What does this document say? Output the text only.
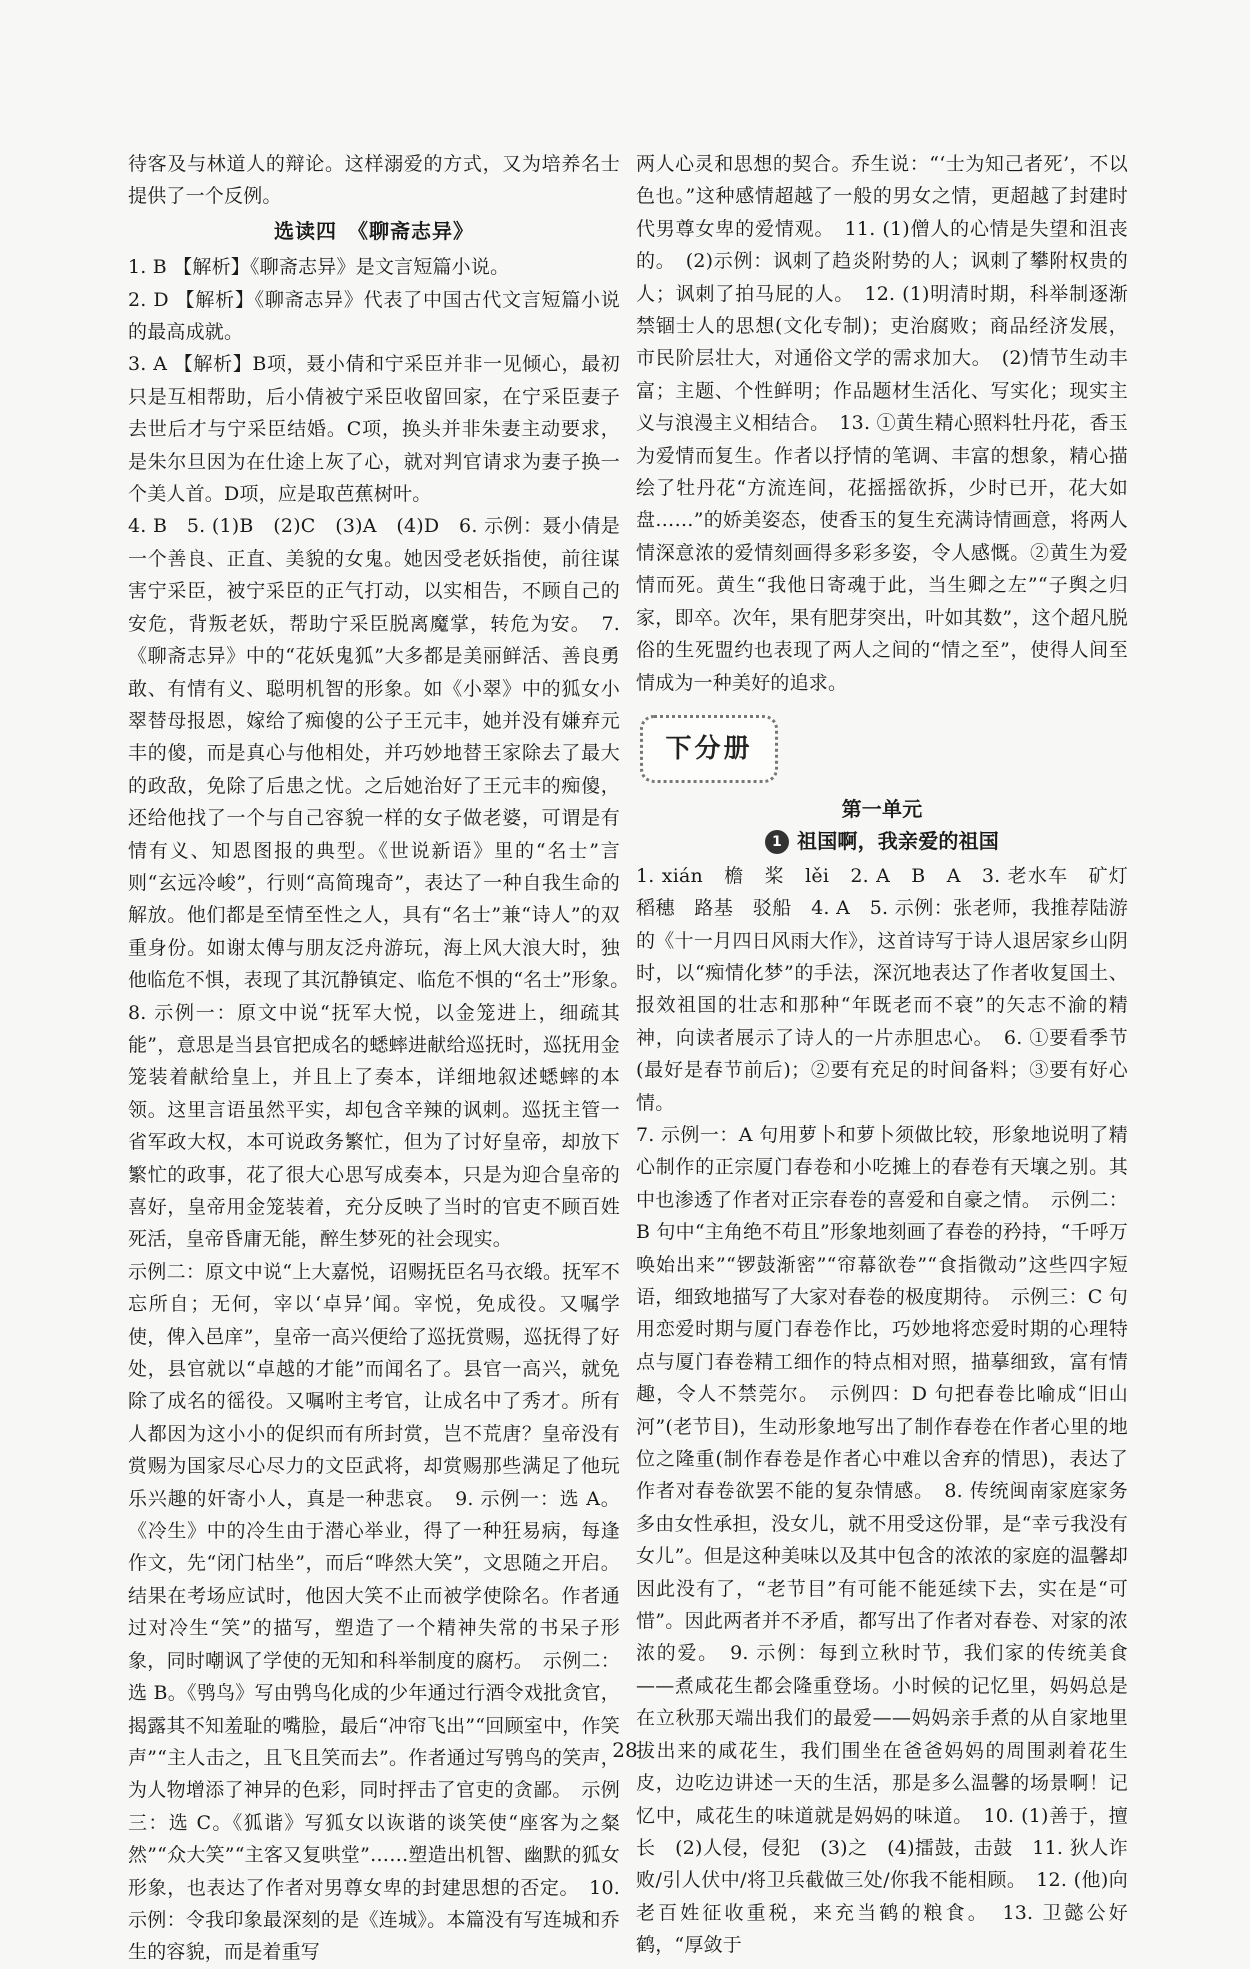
待客及与林道人的辩论。这样溺爱的方式，又为培养名士提供了一个反例。

选读四　《聊斋志异》

1. B 【解析】《聊斋志异》是文言短篇小说。

2. D 【解析】《聊斋志异》代表了中国古代文言短篇小说的最高成就。

3. A 【解析】B项，聂小倩和宁采臣并非一见倾心，最初只是互相帮助，后小倩被宁采臣收留回家，在宁采臣妻子去世后才与宁采臣结婚。C项，换头并非朱妻主动要求，是朱尔旦因为在仕途上灰了心，就对判官请求为妻子换一个美人首。D项，应是取芭蕉树叶。

4. B　5. (1)B　(2)C　(3)A　(4)D　6. 示例：聂小倩是一个善良、正直、美貌的女鬼。她因受老妖指使，前往谋害宁采臣，被宁采臣的正气打动，以实相告，不顾自己的安危，背叛老妖，帮助宁采臣脱离魔掌，转危为安。　7.《聊斋志异》中的“花妖鬼狐”大多都是美丽鲜活、善良勇敢、有情有义、聪明机智的形象。如《小翠》中的狐女小翠替母报恩，嫁给了痴傻的公子王元丰，她并没有嫌弃元丰的傻，而是真心与他相处，并巧妙地替王家除去了最大的政敌，免除了后患之忧。之后她治好了王元丰的痴傻，还给他找了一个与自己容貌一样的女子做老婆，可谓是有情有义、知恩图报的典型。《世说新语》里的“名士”言则“玄远冷峻”，行则“高简瑰奇”，表达了一种自我生命的解放。他们都是至情至性之人，具有“名士”兼“诗人”的双重身份。如谢太傅与朋友泛舟游玩，海上风大浪大时，独他临危不惧，表现了其沉静镇定、临危不惧的“名士”形象。　8. 示例一：原文中说“抚军大悦，以金笼进上，细疏其能”，意思是当县官把成名的蟋蟀进献给巡抚时，巡抚用金笼装着献给皇上，并且上了奏本，详细地叙述蟋蟀的本领。这里言语虽然平实，却包含辛辣的讽刺。巡抚主管一省军政大权，本可说政务繁忙，但为了讨好皇帝，却放下繁忙的政事，花了很大心思写成奏本，只是为迎合皇帝的喜好，皇帝用金笼装着，充分反映了当时的官吏不顾百姓死活，皇帝昏庸无能，醉生梦死的社会现实。

示例二：原文中说“上大嘉悦，诏赐抚臣名马衣缎。抚军不忘所自；无何，宰以‘卓异’闻。宰悦，免成役。又嘱学使，俾入邑庠”，皇帝一高兴便给了巡抚赏赐，巡抚得了好处，县官就以“卓越的才能”而闻名了。县官一高兴，就免除了成名的徭役。又嘱咐主考官，让成名中了秀才。所有人都因为这小小的促织而有所封赏，岂不荒唐？皇帝没有赏赐为国家尽心尽力的文臣武将，却赏赐那些满足了他玩乐兴趣的奸寄小人，真是一种悲哀。　9. 示例一：选 A。《冷生》中的冷生由于潜心举业，得了一种狂易病，每逢作文，先“闭门枯坐”，而后“哗然大笑”，文思随之开启。结果在考场应试时，他因大笑不止而被学使除名。作者通过对冷生“笑”的描写，塑造了一个精神失常的书呆子形象，同时嘲讽了学使的无知和科举制度的腐朽。　示例二：选 B。《鸮鸟》写由鸮鸟化成的少年通过行酒令戏批贪官，揭露其不知羞耻的嘴脸，最后“冲帘飞出”“回顾室中，作笑声”“主人击之，且飞且笑而去”。作者通过写鸮鸟的笑声，为人物增添了神异的色彩，同时抨击了官吏的贪鄙。　示例三：选 C。《狐谐》写狐女以诙谐的谈笑使“座客为之粲然”“众大笑”“主客又复哄堂”……塑造出机智、幽默的狐女形象，也表达了作者对男尊女卑的封建思想的否定。　10. 示例：令我印象最深刻的是《连城》。本篇没有写连城和乔生的容貌，而是着重写

两人心灵和思想的契合。乔生说：“‘士为知己者死’，不以色也。”这种感情超越了一般的男女之情，更超越了封建时代男尊女卑的爱情观。　11. (1)僧人的心情是失望和沮丧的。　(2)示例：讽刺了趋炎附势的人；讽刺了攀附权贵的人；讽刺了拍马屁的人。　12. (1)明清时期，科举制逐渐禁锢士人的思想(文化专制)；吏治腐败；商品经济发展，市民阶层壮大，对通俗文学的需求加大。　(2)情节生动丰富；主题、个性鲜明；作品题材生活化、写实化；现实主义与浪漫主义相结合。　13. ①黄生精心照料牡丹花，香玉为爱情而复生。作者以抒情的笔调、丰富的想象，精心描绘了牡丹花“方流连间，花摇摇欲拆，少时已开，花大如盘……”的娇美姿态，使香玉的复生充满诗情画意，将两人情深意浓的爱情刻画得多彩多姿，令人感慨。②黄生为爱情而死。黄生“我他日寄魂于此，当生卿之左”“子舆之归家，即卒。次年，果有肥芽突出，叶如其数”，这个超凡脱俗的生死盟约也表现了两人之间的“情之至”，使得人间至情成为一种美好的追求。

下分册
第一单元
1 祖国啊，我亲爱的祖国

1. xián　檐　桨　lěi　2. A　B　A　3. 老水车　矿灯　稻穗　路基　驳船　4. A　5. 示例：张老师，我推荐陆游的《十一月四日风雨大作》，这首诗写于诗人退居家乡山阴时，以“痴情化梦”的手法，深沉地表达了作者收复国土、报效祖国的壮志和那种“年既老而不衰”的矢志不渝的精神，向读者展示了诗人的一片赤胆忠心。　6. ①要看季节(最好是春节前后)；②要有充足的时间备料；③要有好心情。

7. 示例一：A 句用萝卜和萝卜须做比较，形象地说明了精心制作的正宗厦门春卷和小吃摊上的春卷有天壤之别。其中也渗透了作者对正宗春卷的喜爱和自豪之情。　示例二：B 句中“主角绝不苟且”形象地刻画了春卷的矜持，“千呼万唤始出来”“锣鼓渐密”“帘幕欲卷”“食指微动”这些四字短语，细致地描写了大家对春卷的极度期待。　示例三：C 句用恋爱时期与厦门春卷作比，巧妙地将恋爱时期的心理特点与厦门春卷精工细作的特点相对照，描摹细致，富有情趣，令人不禁莞尔。　示例四：D 句把春卷比喻成“旧山河”(老节目)，生动形象地写出了制作春卷在作者心里的地位之隆重(制作春卷是作者心中难以舍弃的情思)，表达了作者对春卷欲罢不能的复杂情感。　8. 传统闽南家庭家务多由女性承担，没女儿，就不用受这份罪，是“幸亏我没有女儿”。但是这种美味以及其中包含的浓浓的家庭的温馨却因此没有了，“老节目”有可能不能延续下去，实在是“可惜”。因此两者并不矛盾，都写出了作者对春卷、对家的浓浓的爱。　9. 示例：每到立秋时节，我们家的传统美食——煮咸花生都会隆重登场。小时候的记忆里，妈妈总是在立秋那天端出我们的最爱——妈妈亲手煮的从自家地里拔出来的咸花生，我们围坐在爸爸妈妈的周围剥着花生皮，边吃边讲述一天的生活，那是多么温馨的场景啊！记忆中，咸花生的味道就是妈妈的味道。　10. (1)善于，擅长　(2)人侵，侵犯　(3)之　(4)擂鼓，击鼓　11. 狄人诈败/引人伏中/将卫兵截做三处/你我不能相顾。　12. (他)向老百姓征收重税，来充当鹤的粮食。　13. 卫懿公好鹤，“厚敛于

28
